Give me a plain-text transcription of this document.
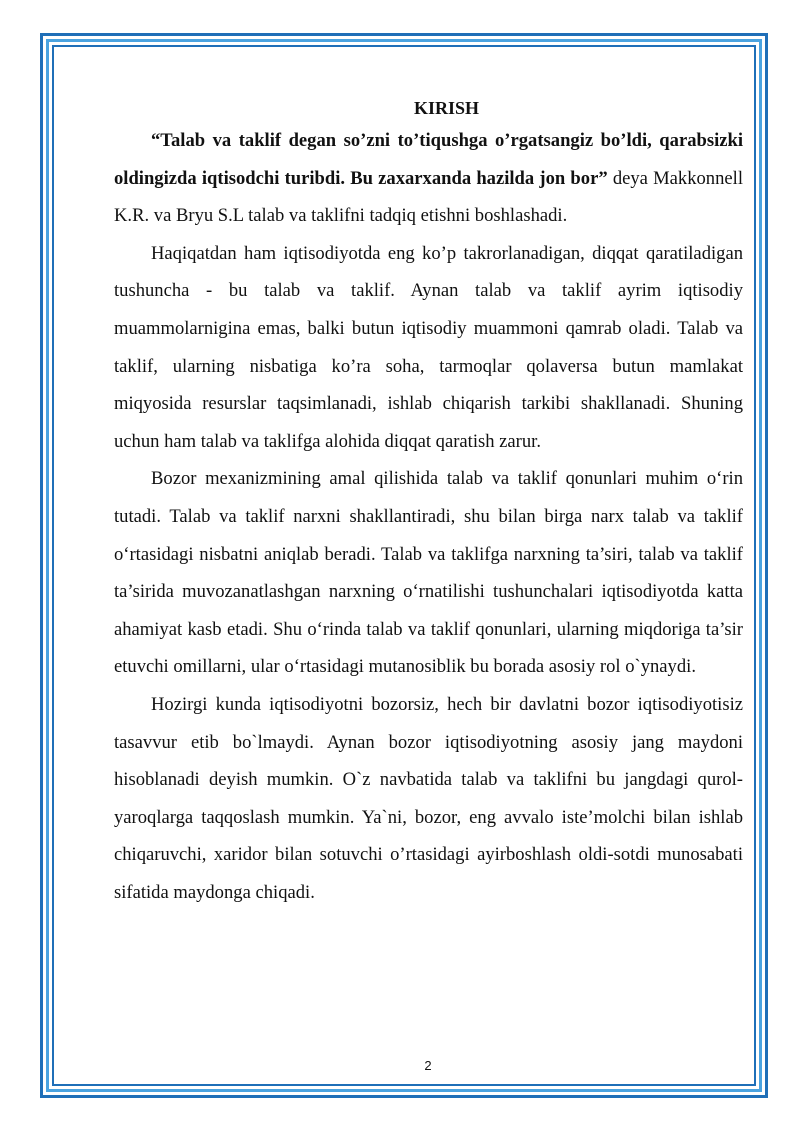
KIRISH

“Talab va taklif degan so’zni to’tiqushga o’rgatsangiz bo’ldi, qarabsizki oldingizda iqtisodchi turibdi. Bu zaxarxanda hazilda jon bor” deya Makkonnell K.R. va Bryu S.L talab va taklifni tadqiq etishni boshlashadi.

Haqiqatdan ham iqtisodiyotda eng ko’p takrorlanadigan, diqqat qaratiladigan tushuncha - bu talab va taklif. Aynan talab va taklif ayrim iqtisodiy muammolarnigina emas, balki butun iqtisodiy muammoni qamrab oladi. Talab va taklif, ularning nisbatiga ko’ra soha, tarmoqlar qolaversa butun mamlakat miqyosida resurslar taqsimlanadi, ishlab chiqarish tarkibi shakllanadi. Shuning uchun ham talab va taklifga alohida diqqat qaratish zarur.

Bozor mexanizmining amal qilishida talab va taklif qonunlari muhim o‘rin tutadi. Talab va taklif narxni shakllantiradi, shu bilan birga narx talab va taklif o‘rtasidagi nisbatni aniqlab beradi. Talab va taklifga narxning ta’siri, talab va taklif ta’sirida muvozanatlashgan narxning o‘rnatilishi tushunchalari iqtisodiyotda katta ahamiyat kasb etadi. Shu o‘rinda talab va taklif qonunlari, ularning miqdoriga ta’sir etuvchi omillarni, ular o‘rtasidagi mutanosiblik bu borada asosiy rol o`ynaydi.

Hozirgi kunda iqtisodiyotni bozorsiz, hech bir davlatni bozor iqtisodiyotisiz tasavvur etib bo`lmaydi. Aynan bozor iqtisodiyotning asosiy jang maydoni hisoblanadi deyish mumkin. O`z navbatida talab va taklifni bu jangdagi qurol-yaroqlarga taqqoslash mumkin. Ya`ni, bozor, eng avvalo iste’molchi bilan ishlab chiqaruvchi, xaridor bilan sotuvchi o’rtasidagi ayirboshlash oldi-sotdi munosabati sifatida maydonga chiqadi.

2
